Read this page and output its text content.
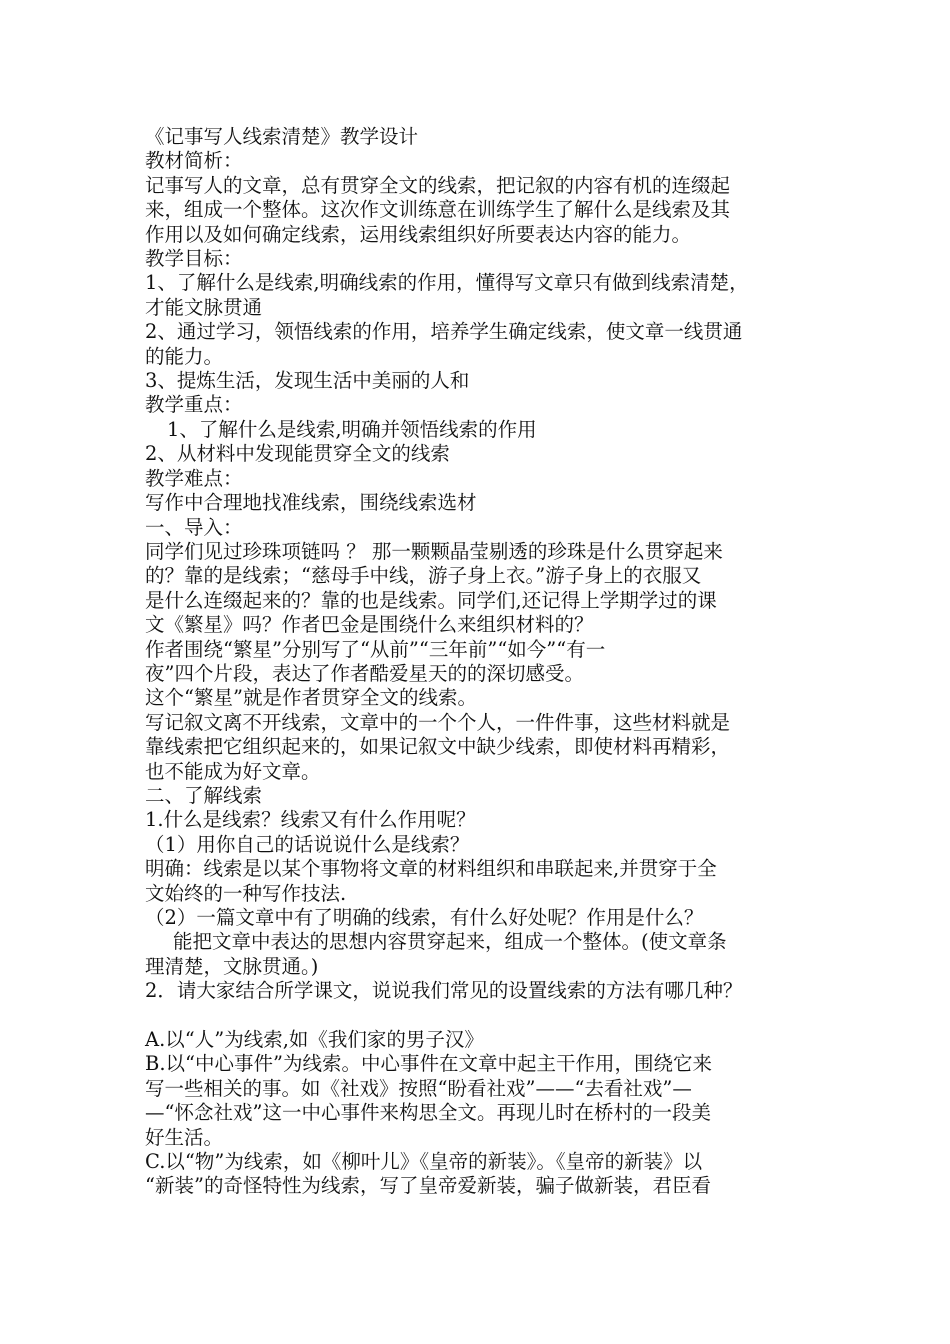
《记事写人线索清楚》教学设计
教材简析：
记事写人的文章，总有贯穿全文的线索，把记叙的内容有机的连缀起
来，组成一个整体。这次作文训练意在训练学生了解什么是线索及其
作用以及如何确定线索，运用线索组织好所要表达内容的能力。
教学目标：
1、了解什么是线索,明确线索的作用，懂得写文章只有做到线索清楚，
才能文脉贯通
2、通过学习，领悟线索的作用，培养学生确定线索，使文章一线贯通
的能力。
3、提炼生活，发现生活中美丽的人和
教学重点：
1、了解什么是线索,明确并领悟线索的作用
2、从材料中发现能贯穿全文的线索
教学难点：
写作中合理地找准线索，围绕线索选材
一、导入：
同学们见过珍珠项链吗 ？ 那一颗颗晶莹剔透的珍珠是什么贯穿起来
的？靠的是线索；“慈母手中线，游子身上衣。”游子身上的衣服又
是什么连缀起来的？靠的也是线索。同学们,还记得上学期学过的课
文《繁星》吗？作者巴金是围绕什么来组织材料的？
作者围绕“繁星”分别写了“从前”“三年前”“如今”“有一
夜”四个片段，表达了作者酷爱星天的的深切感受。
这个“繁星”就是作者贯穿全文的线索。
写记叙文离不开线索，文章中的一个个人，一件件事，这些材料就是
靠线索把它组织起来的，如果记叙文中缺少线索，即使材料再精彩，
也不能成为好文章。
二、了解线索
1.什么是线索？线索又有什么作用呢？
（1）用你自己的话说说什么是线索？
明确：线索是以某个事物将文章的材料组织和串联起来,并贯穿于全
文始终的一种写作技法.
（2）一篇文章中有了明确的线索，有什么好处呢？作用是什么？
能把文章中表达的思想内容贯穿起来，组成一个整体。(使文章条
理清楚，文脉贯通。)
2．请大家结合所学课文，说说我们常见的设置线索的方法有哪几种？
A.以“人”为线索,如《我们家的男子汉》
B.以“中心事件”为线索。中心事件在文章中起主干作用，围绕它来
写一些相关的事。如《社戏》按照“盼看社戏”——“去看社戏”—
—“怀念社戏”这一中心事件来构思全文。再现儿时在桥村的一段美
好生活。
C.以“物”为线索，如《柳叶儿》《皇帝的新装》。《皇帝的新装》以
“新装”的奇怪特性为线索，写了皇帝爱新装，骗子做新装，君臣看
